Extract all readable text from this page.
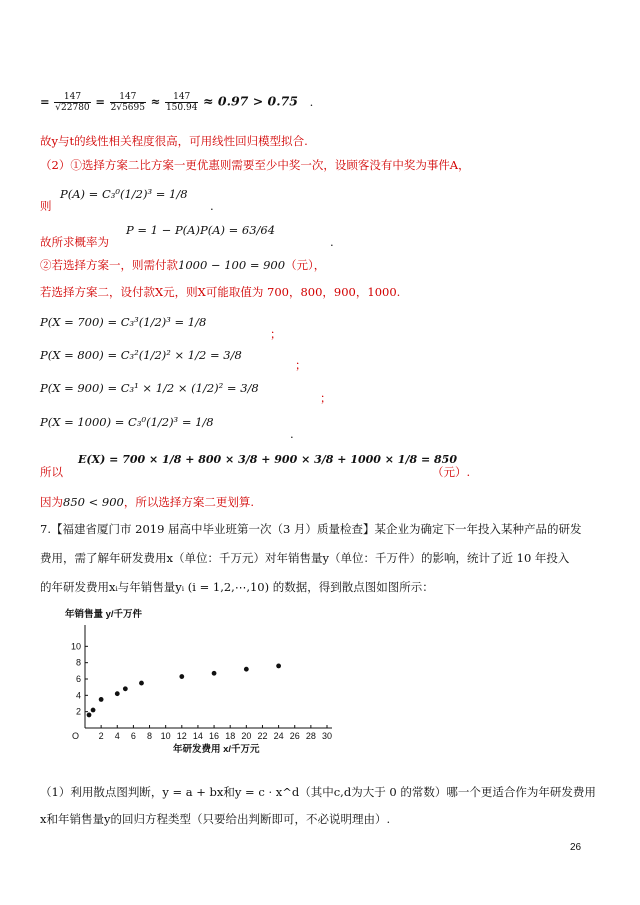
= $\frac{147}{√22780} = \frac{147}{2√5695} \approx \frac{147}{150.94} \approx 0.97 > 0.75$ .
故y与t的线性相关程度很高，可用线性回归模型拟合.
（2）①选择方案二比方案一更优惠则需要至少中奖一次，设顾客没有中奖为事件A，
P(A) = C₃⁰(1/2)³ = 1/8
则	.
P = 1 − P(A)P(A) = 63/64
故所求概率为	.
②若选择方案一，则需付款1000 − 100 = 900（元），
若选择方案二，设付款X元，则X可能取值为 700，800，900，1000.
P(X = 700) = C₃³(1/2)³ = 1/8
；
P(X = 800) = C₃²(1/2)² × 1/2 = 3/8
；
P(X = 900) = C₃¹ × 1/2 × (1/2)² = 3/8
；
P(X = 1000) = C₃⁰(1/2)³ = 1/8
.
E(X) = 700 × 1/8 + 800 × 3/8 + 900 × 3/8 + 1000 × 1/8 = 850
所以	（元）.
因为850 < 900，所以选择方案二更划算.
7.【福建省厦门市 2019 届高中毕业班第一次（3 月）质量检查】某企业为确定下一年投入某种产品的研发
费用，需了解年研发费用x（单位：千万元）对年销售量y（单位：千万件）的影响，统计了近 10 年投入
的年研发费用xᵢ与年销售量yᵢ (i = 1,2,⋯,10) 的数据，得到散点图如图所示：
年销售量 y/千万件
O 2 4 6 8 10 12 14 16 18 20 22 24 26 28 30
2
4
6
8
10
年研发费用 x/千万元
（1）利用散点图判断，y = a + bx和y = c · x^d（其中c,d为大于 0 的常数）哪一个更适合作为年研发费用
x和年销售量y的回归方程类型（只要给出判断即可，不必说明理由）.
26
